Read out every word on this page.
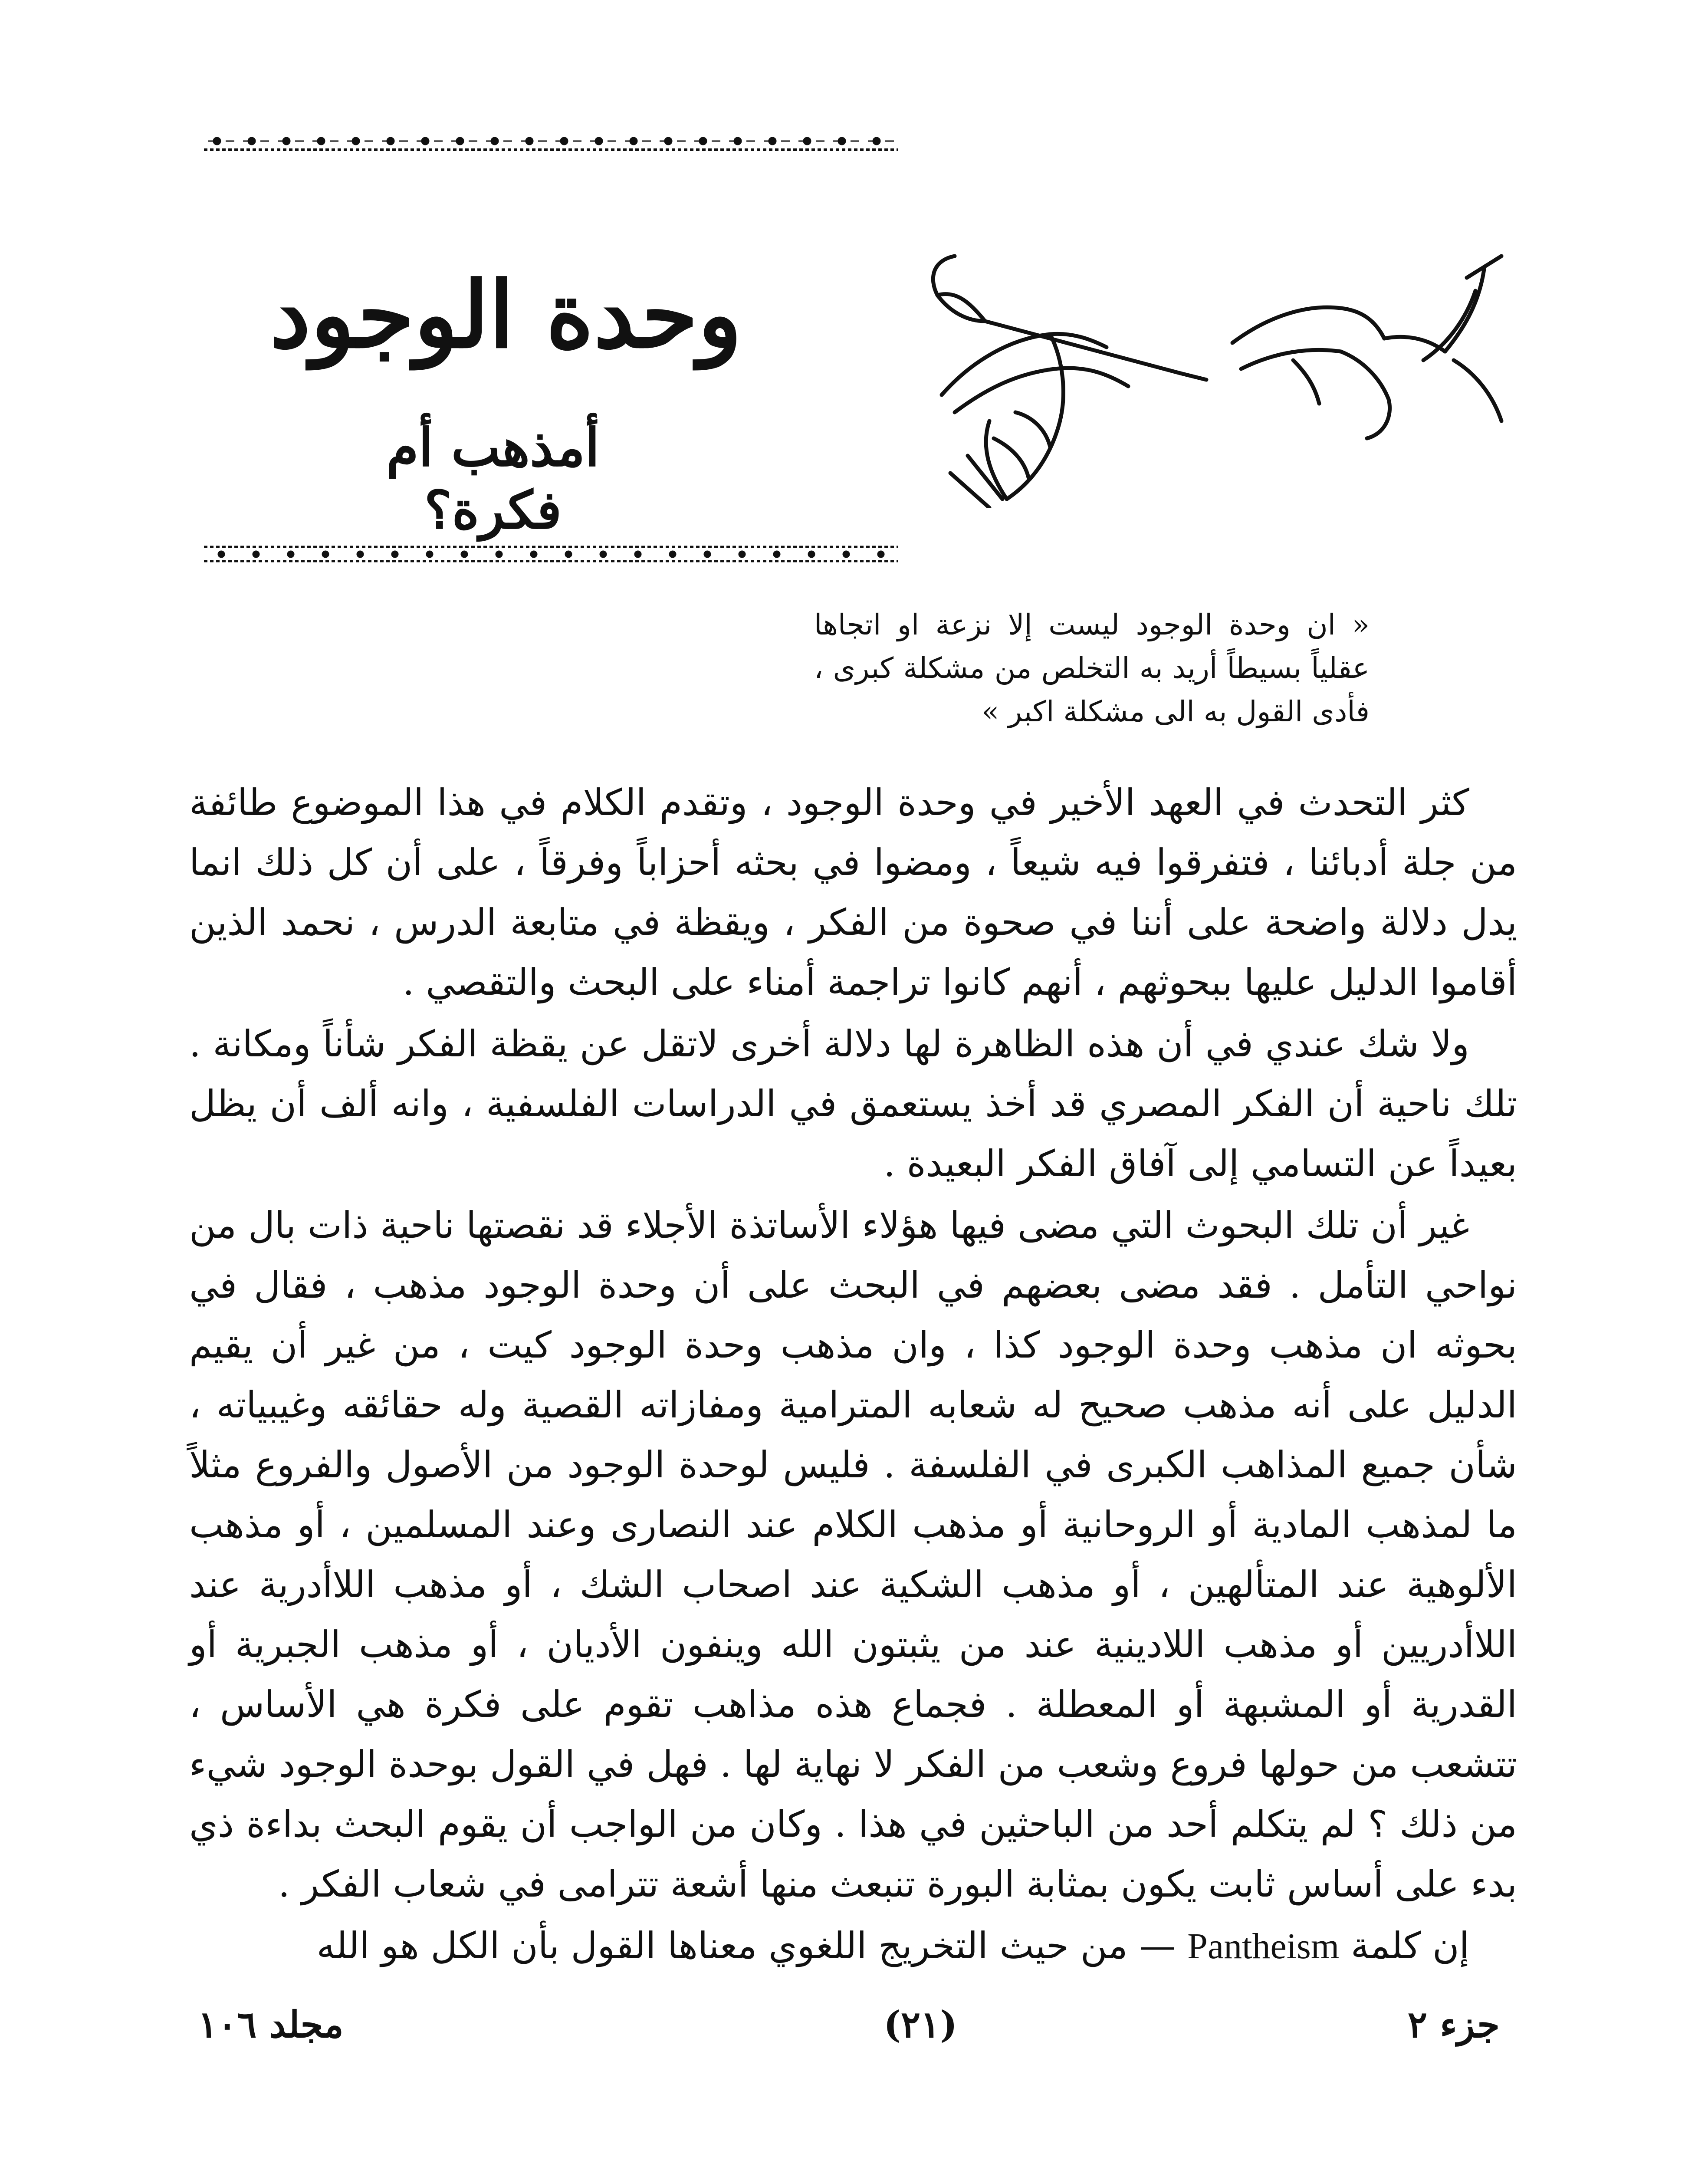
وحدة الوجود
أمذهب أم فكرة؟
« ان وحدة الوجود ليست إلا نزعة او اتجاها عقلياً بسيطاً أريد به التخلص من مشكلة كبرى ، فأدى القول به الى مشكلة اكبر »

كثر التحدث في العهد الأخير في وحدة الوجود ، وتقدم الكلام في هذا الموضوع طائفة من جلة أدبائنا ، فتفرقوا فيه شيعاً ، ومضوا في بحثه أحزاباً وفرقاً ، على أن كل ذلك انما يدل دلالة واضحة على أننا في صحوة من الفكر ، ويقظة في متابعة الدرس ، نحمد الذين أقاموا الدليل عليها ببحوثهم ، أنهم كانوا تراجمة أمناء على البحث والتقصي .

ولا شك عندي في أن هذه الظاهرة لها دلالة أخرى لاتقل عن يقظة الفكر شأناً ومكانة . تلك ناحية أن الفكر المصري قد أخذ يستعمق في الدراسات الفلسفية ، وانه ألف أن يظل بعيداً عن التسامي إلى آفاق الفكر البعيدة .

غير أن تلك البحوث التي مضى فيها هؤلاء الأساتذة الأجلاء قد نقصتها ناحية ذات بال من نواحي التأمل . فقد مضى بعضهم في البحث على أن وحدة الوجود مذهب ، فقال في بحوثه ان مذهب وحدة الوجود كذا ، وان مذهب وحدة الوجود كيت ، من غير أن يقيم الدليل على أنه مذهب صحيح له شعابه المترامية ومفازاته القصية وله حقائقه وغيبياته ، شأن جميع المذاهب الكبرى في الفلسفة . فليس لوحدة الوجود من الأصول والفروع مثلاً ما لمذهب المادية أو الروحانية أو مذهب الكلام عند النصارى وعند المسلمين ، أو مذهب الألوهية عند المتألهين ، أو مذهب الشكية عند اصحاب الشك ، أو مذهب اللاأدرية عند اللاأدريين أو مذهب اللادينية عند من يثبتون الله وينفون الأديان ، أو مذهب الجبرية أو القدرية أو المشبهة أو المعطلة . فجماع هذه مذاهب تقوم على فكرة هي الأساس ، تتشعب من حولها فروع وشعب من الفكر لا نهاية لها . فهل في القول بوحدة الوجود شيء من ذلك ؟ لم يتكلم أحد من الباحثين في هذا . وكان من الواجب أن يقوم البحث بداءة ذي بدء على أساس ثابت يكون بمثابة البورة تنبعث منها أشعة تترامى في شعاب الفكر .

إن كلمة Pantheism — من حيث التخريج اللغوي معناها القول بأن الكل هو الله

جزء ٢
(٢١)
مجلد ١٠٦
